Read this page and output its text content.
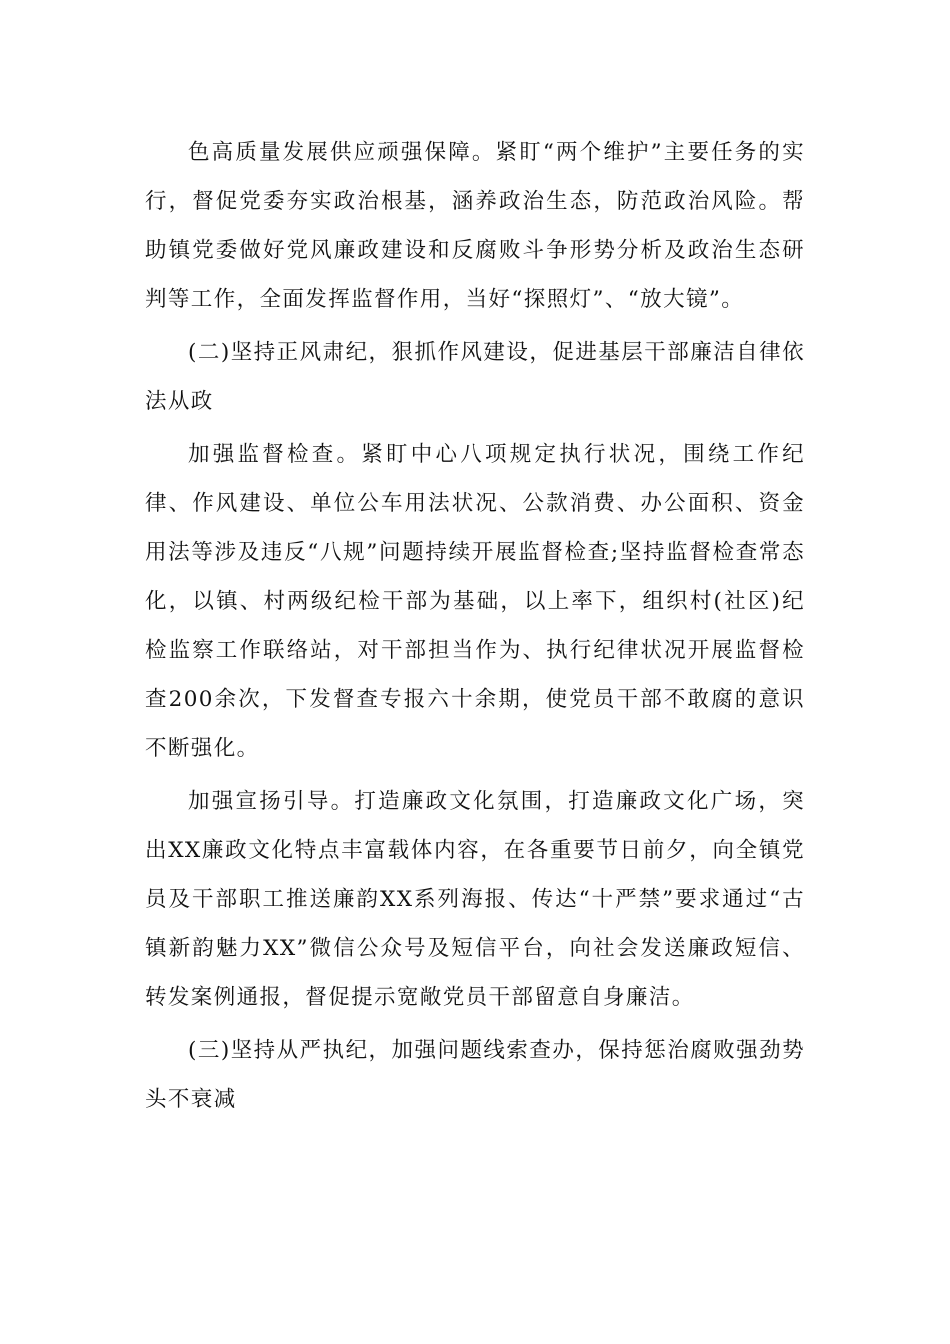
色高质量发展供应顽强保障。紧盯“两个维护”主要任务的实行，督促党委夯实政治根基，涵养政治生态，防范政治风险。帮助镇党委做好党风廉政建设和反腐败斗争形势分析及政治生态研判等工作，全面发挥监督作用，当好“探照灯”、“放大镜”。

(二)坚持正风肃纪，狠抓作风建设，促进基层干部廉洁自律依法从政

加强监督检查。紧盯中心八项规定执行状况，围绕工作纪律、作风建设、单位公车用法状况、公款消费、办公面积、资金用法等涉及违反“八规”问题持续开展监督检查;坚持监督检查常态化，以镇、村两级纪检干部为基础，以上率下，组织村(社区)纪检监察工作联络站，对干部担当作为、执行纪律状况开展监督检查200余次，下发督查专报六十余期，使党员干部不敢腐的意识不断强化。

加强宣扬引导。打造廉政文化氛围，打造廉政文化广场，突出XX廉政文化特点丰富载体内容，在各重要节日前夕，向全镇党员及干部职工推送廉韵XX系列海报、传达“十严禁”要求通过“古镇新韵魅力XX”微信公众号及短信平台，向社会发送廉政短信、转发案例通报，督促提示宽敞党员干部留意自身廉洁。

(三)坚持从严执纪，加强问题线索查办，保持惩治腐败强劲势头不衰减
